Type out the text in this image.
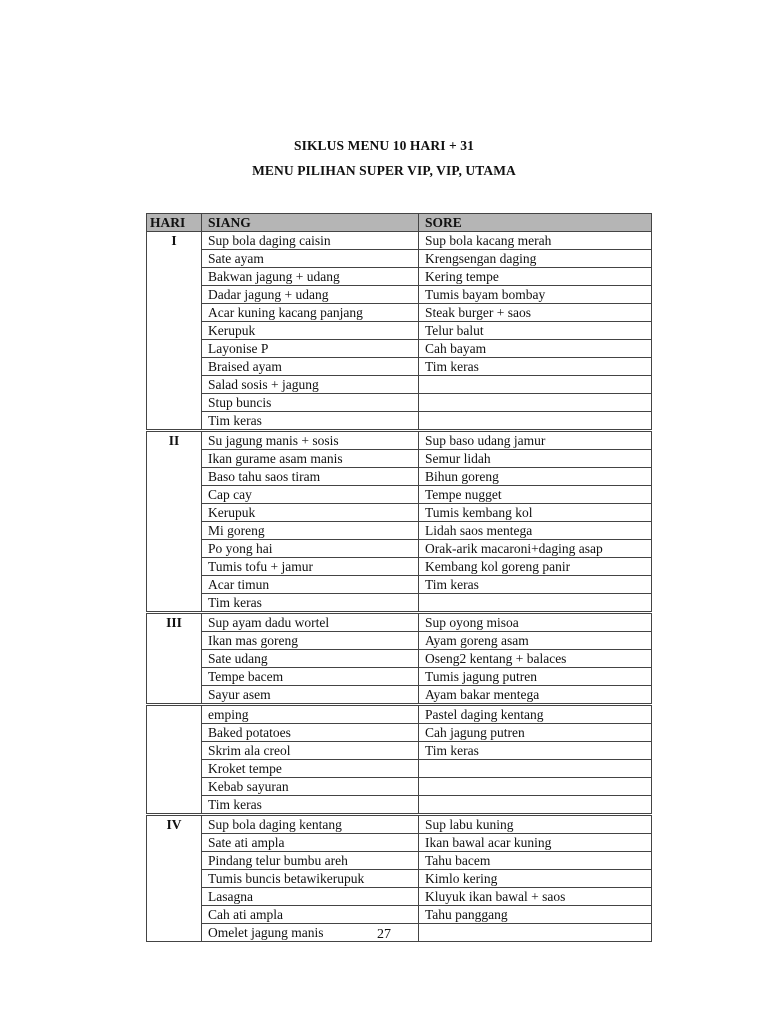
SIKLUS MENU 10 HARI + 31
MENU PILIHAN SUPER VIP, VIP, UTAMA
HARI	SIANG	SORE
I	Sup bola daging caisin	Sup bola kacang merah
	Sate ayam	Krengsengan daging
	Bakwan jagung + udang	Kering tempe
	Dadar jagung + udang	Tumis bayam bombay
	Acar kuning kacang panjang	Steak burger + saos
	Kerupuk	Telur balut
	Layonise P	Cah bayam
	Braised ayam	Tim keras
	Salad sosis + jagung	
	Stup buncis	
	Tim keras	
II	Su jagung manis + sosis	Sup baso udang jamur
	Ikan gurame asam manis	Semur lidah
	Baso tahu saos tiram	Bihun goreng
	Cap cay	Tempe nugget
	Kerupuk	Tumis kembang kol
	Mi goreng	Lidah saos mentega
	Po yong hai	Orak-arik macaroni+daging asap
	Tumis tofu + jamur	Kembang kol goreng panir
	Acar timun	Tim keras
	Tim keras	
III	Sup ayam dadu wortel	Sup oyong misoa
	Ikan mas goreng	Ayam goreng asam
	Sate udang	Oseng2 kentang + balaces
	Tempe bacem	Tumis jagung putren
	Sayur asem	Ayam bakar mentega
	emping	Pastel daging kentang
	Baked potatoes	Cah jagung putren
	Skrim ala creol	Tim keras
	Kroket tempe	
	Kebab sayuran	
	Tim keras	
IV	Sup bola daging kentang	Sup labu kuning
	Sate ati ampla	Ikan bawal acar kuning
	Pindang telur bumbu areh	Tahu bacem
	Tumis buncis betawikerupuk	Kimlo kering
	Lasagna	Kluyuk ikan bawal + saos
	Cah ati ampla	Tahu panggang
	Omelet jagung manis		27
